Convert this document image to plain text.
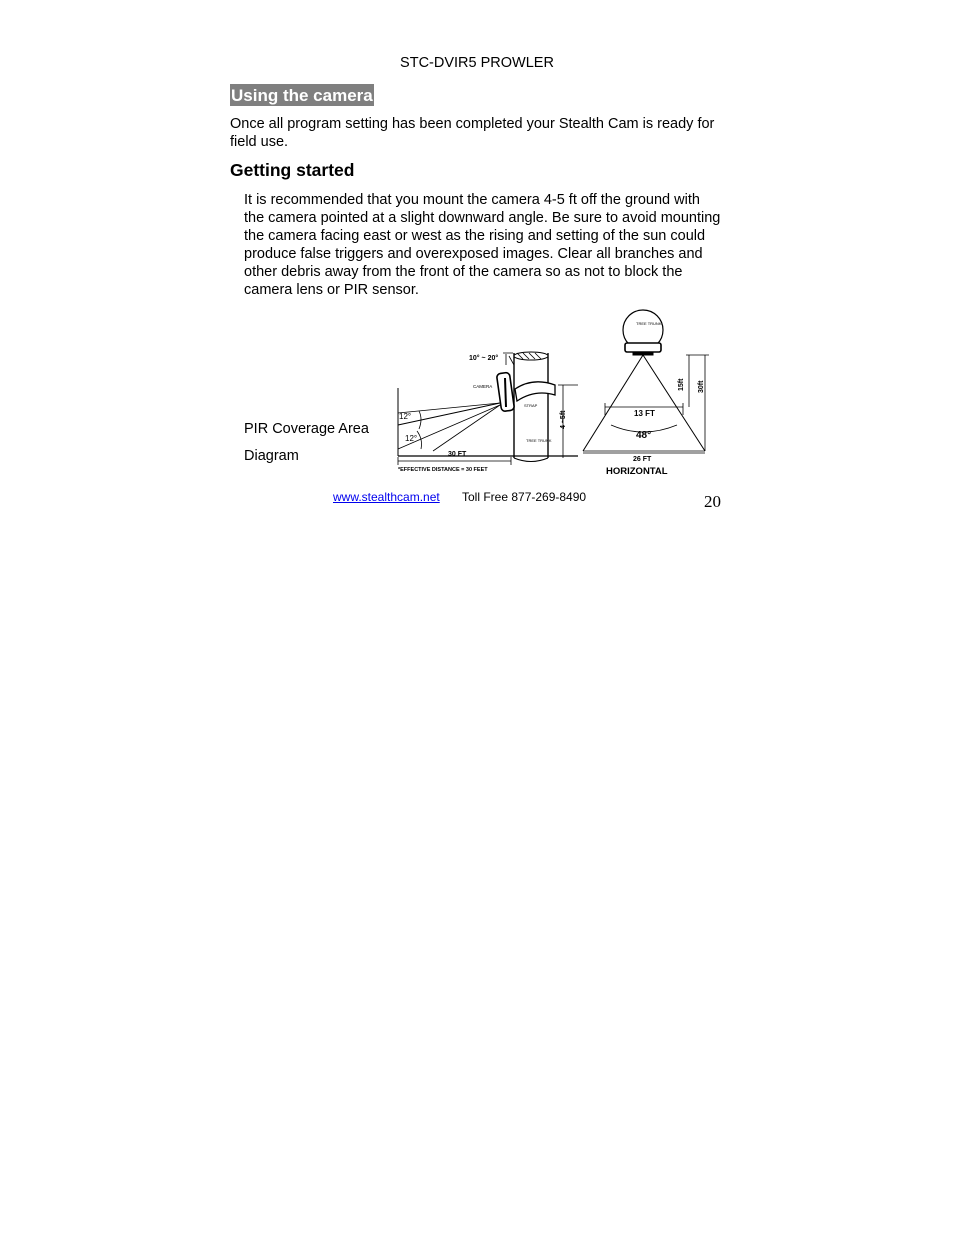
STC-DVIR5 PROWLER
Using the camera
Once all program setting has been completed your Stealth Cam is ready for field use.
Getting started
It is recommended that you mount the camera 4-5 ft off the ground with the camera pointed at a slight downward angle. Be sure to avoid mounting the camera facing east or west as the rising and setting of the sun could produce false triggers and overexposed images. Clear all branches and other debris away from the front of the camera so as not to block the camera lens or PIR sensor.
PIR Coverage Area
Diagram
10° ~ 20°
CAMERA
STRAP
TREE TRUNK
4 ~5ft
12°
12°
30 FT
*EFFECTIVE DISTANCE = 30 FEET
TREE TRUNK
13 FT
48°
26 FT
15ft 30ft
HORIZONTAL
www.stealthcam.net Toll Free 877-269-8490	20
